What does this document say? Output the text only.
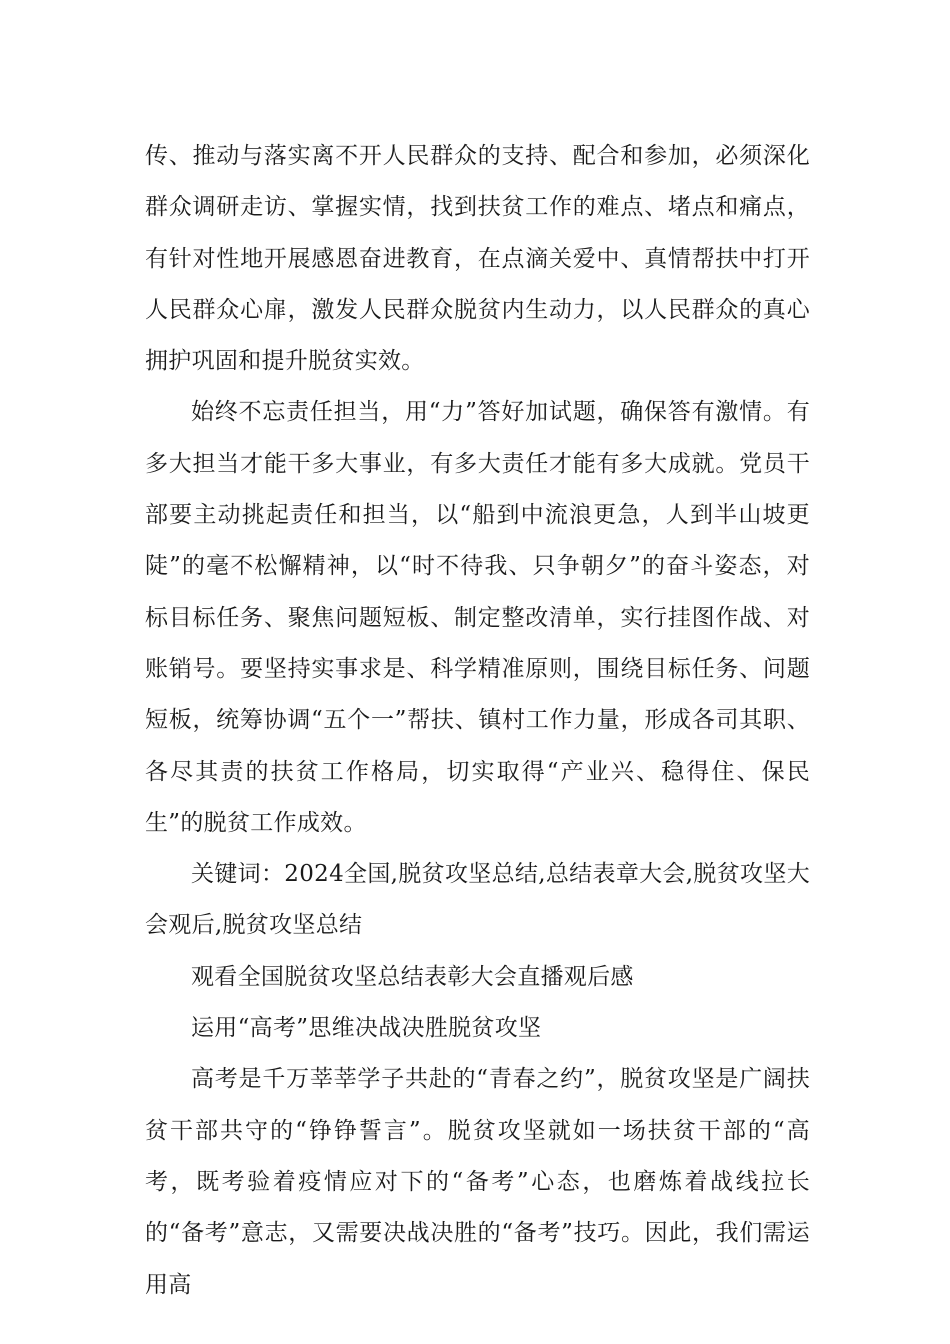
传、推动与落实离不开人民群众的支持、配合和参加，必须深化群众调研走访、掌握实情，找到扶贫工作的难点、堵点和痛点，有针对性地开展感恩奋进教育，在点滴关爱中、真情帮扶中打开人民群众心扉，激发人民群众脱贫内生动力，以人民群众的真心拥护巩固和提升脱贫实效。

始终不忘责任担当，用“力”答好加试题，确保答有激情。有多大担当才能干多大事业，有多大责任才能有多大成就。党员干部要主动挑起责任和担当，以“船到中流浪更急，人到半山坡更陡”的毫不松懈精神，以“时不待我、只争朝夕”的奋斗姿态，对标目标任务、聚焦问题短板、制定整改清单，实行挂图作战、对账销号。要坚持实事求是、科学精准原则，围绕目标任务、问题短板，统筹协调“五个一”帮扶、镇村工作力量，形成各司其职、各尽其责的扶贫工作格局，切实取得“产业兴、稳得住、保民生”的脱贫工作成效。

关键词：2024全国,脱贫攻坚总结,总结表章大会,脱贫攻坚大会观后,脱贫攻坚总结

观看全国脱贫攻坚总结表彰大会直播观后感

运用“高考”思维决战决胜脱贫攻坚

高考是千万莘莘学子共赴的“青春之约”，脱贫攻坚是广阔扶贫干部共守的“铮铮誓言”。脱贫攻坚就如一场扶贫干部的“高考，既考验着疫情应对下的“备考”心态，也磨炼着战线拉长的“备考”意志，又需要决战决胜的“备考”技巧。因此，我们需运用高
